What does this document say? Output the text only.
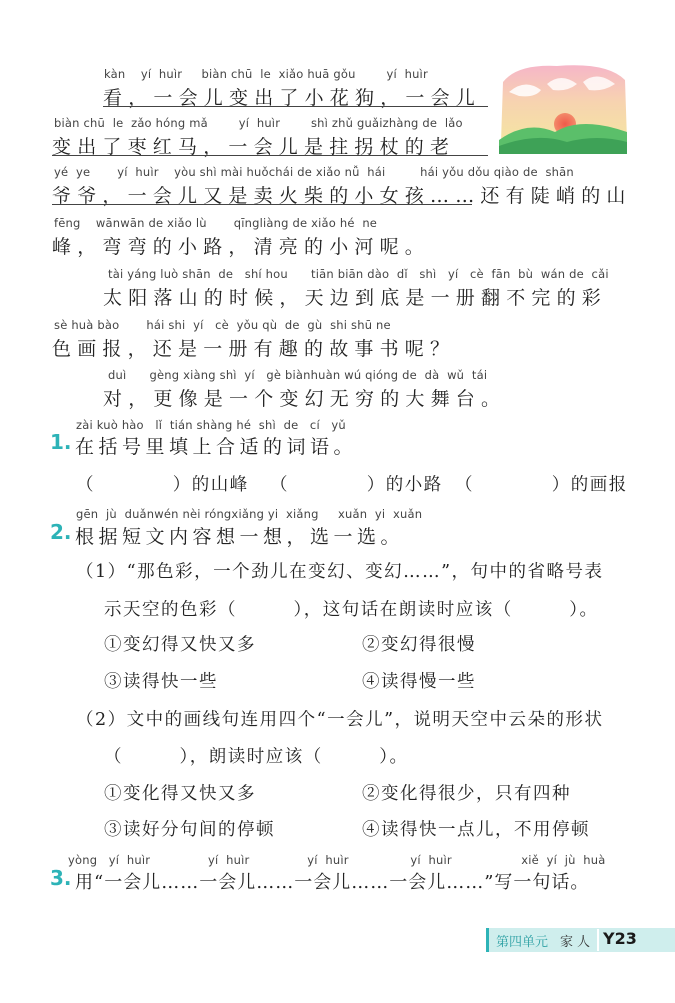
kàn    yí  huìr     biàn chū  le  xiǎo huā gǒu        yí  huìr
看，一会儿变出了小花狗，一会儿
biàn chū  le  zǎo hóng mǎ        yí  huìr        shì zhǔ guǎizhàng de  lǎo
变出了枣红马，一会儿是拄拐杖的老
yé  ye       yí  huìr    yòu shì mài huǒchái de xiǎo nǚ  hái         hái yǒu dǒu qiào de  shān
爷爷，一会儿又是卖火柴的小女孩……还有陡峭的山
fēng    wānwān de xiǎo lù       qīngliàng de xiǎo hé  ne
峰，弯弯的小路，清亮的小河呢。
tài yáng luò shān  de   shí hou      tiān biān dào  dǐ   shì   yí   cè  fān  bù  wán de  cǎi
太阳落山的时候，天边到底是一册翻不完的彩
sè huà bào       hái shi  yí   cè  yǒu qù  de  gù  shi shū ne
色画报，还是一册有趣的故事书呢？
duì      gèng xiàng shì  yí   gè biànhuàn wú qióng de  dà  wǔ  tái
对，更像是一个变幻无穷的大舞台。
zài kuò hào   lǐ  tián shàng hé  shì  de   cí   yǔ
1. 在括号里填上合适的词语。
（           ）的山峰 （           ）的小路 （           ）的画报
gēn  jù  duǎnwén nèi róngxiǎng yi  xiǎng     xuǎn  yi  xuǎn
2. 根据短文内容想一想，选一选。
（1）“那色彩，一个劲儿在变幻、变幻……”，句中的省略号表
示天空的色彩（        ），这句话在朗读时应该（        ）。
①变幻得又快又多	②变幻得很慢
③读得快一些	④读得慢一些
（2）文中的画线句连用四个“一会儿”，说明天空中云朵的形状
（        ），朗读时应该（        ）。
①变化得又快又多	②变化得很少，只有四种
③读好分句间的停顿	④读得快一点儿，不用停顿
yòng   yí  huìr               yí  huìr               yí  huìr                yí  huìr                  xiě  yí  jù  huà
3. 用“一会儿……一会儿……一会儿……一会儿……”写一句话。
第四单元 家人 Y23
